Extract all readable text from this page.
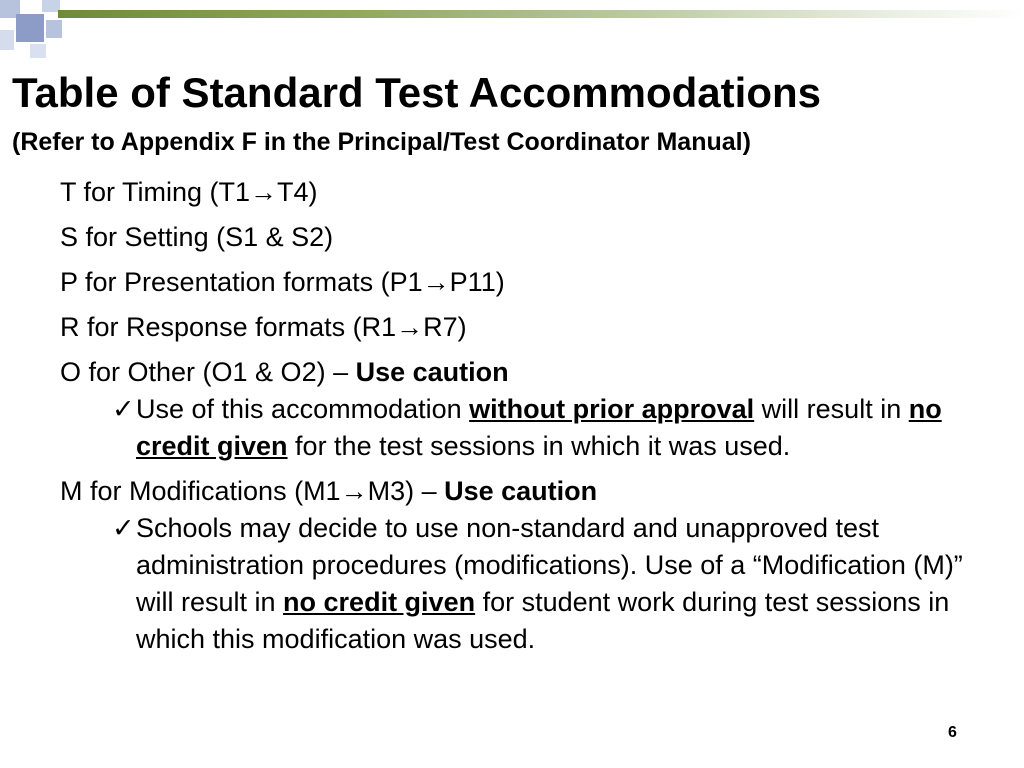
Table of Standard Test Accommodations
(Refer to Appendix F in the Principal/Test Coordinator Manual)
T for Timing (T1→T4)
S for Setting (S1 & S2)
P for Presentation formats (P1→P11)
R for Response formats (R1→R7)
O for Other (O1 & O2) – Use caution
✓ Use of this accommodation without prior approval will result in no credit given for the test sessions in which it was used.
M for Modifications (M1→M3) – Use caution
✓ Schools may decide to use non-standard and unapproved test administration procedures (modifications). Use of a “Modification (M)” will result in no credit given for student work during test sessions in which this modification was used.
6
